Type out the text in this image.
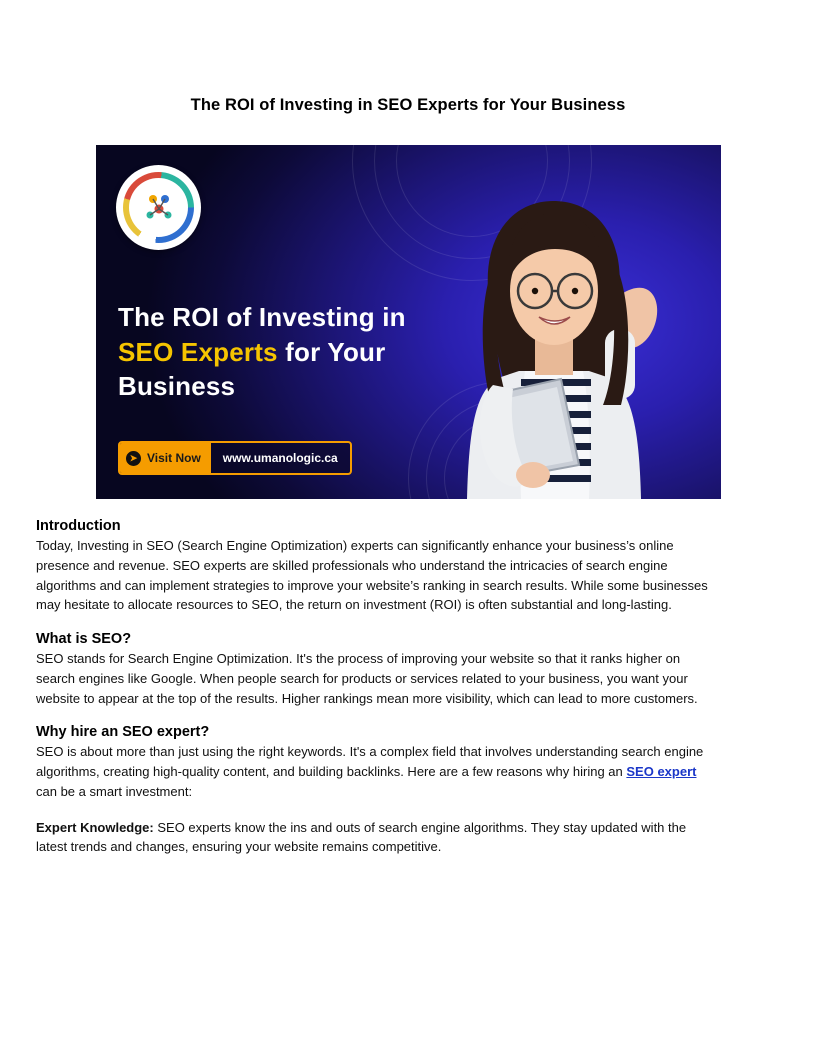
The ROI of Investing in SEO Experts for Your Business
The ROI of Investing in
SEO Experts for Your
Business
➤ Visit Now	www.umanologic.ca
Introduction

Today, Investing in SEO (Search Engine Optimization) experts can significantly enhance your business’s online presence and revenue. SEO experts are skilled professionals who understand the intricacies of search engine algorithms and can implement strategies to improve your website’s ranking in search results. While some businesses may hesitate to allocate resources to SEO, the return on investment (ROI) is often substantial and long-lasting.

What is SEO?

SEO stands for Search Engine Optimization. It's the process of improving your website so that it ranks higher on search engines like Google. When people search for products or services related to your business, you want your website to appear at the top of the results. Higher rankings mean more visibility, which can lead to more customers.

Why hire an SEO expert?

SEO is about more than just using the right keywords. It's a complex field that involves understanding search engine algorithms, creating high-quality content, and building backlinks. Here are a few reasons why hiring an SEO expert can be a smart investment:

Expert Knowledge: SEO experts know the ins and outs of search engine algorithms. They stay updated with the latest trends and changes, ensuring your website remains competitive.
